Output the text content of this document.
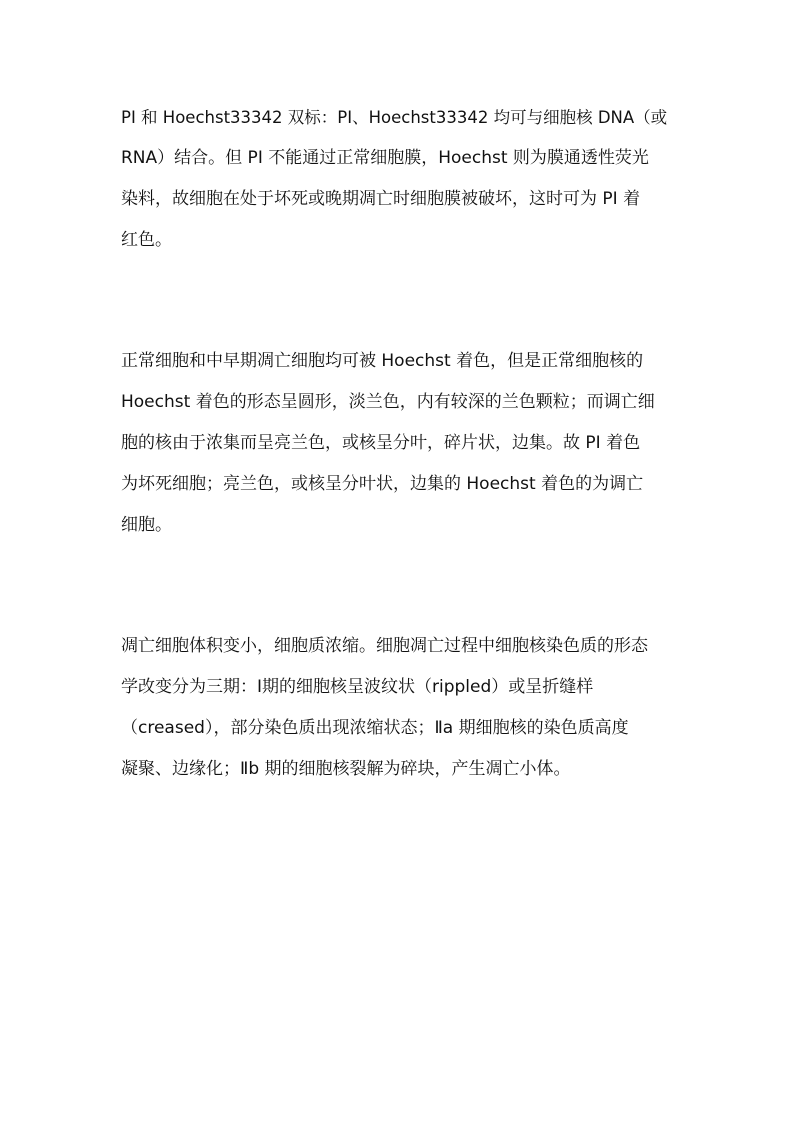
PI 和 Hoechst33342 双标：PI、Hoechst33342 均可与细胞核 DNA（或
RNA）结合。但 PI 不能通过正常细胞膜，Hoechst 则为膜通透性荧光
染料，故细胞在处于坏死或晚期凋亡时细胞膜被破坏，这时可为 PI 着
红色。
正常细胞和中早期凋亡细胞均可被 Hoechst 着色，但是正常细胞核的
Hoechst 着色的形态呈圆形，淡兰色，内有较深的兰色颗粒；而调亡细
胞的核由于浓集而呈亮兰色，或核呈分叶，碎片状，边集。故 PI 着色
为坏死细胞；亮兰色，或核呈分叶状，边集的 Hoechst 着色的为调亡
细胞。
凋亡细胞体积变小，细胞质浓缩。细胞凋亡过程中细胞核染色质的形态
学改变分为三期：Ⅰ期的细胞核呈波纹状（rippled）或呈折缝样
（creased），部分染色质出现浓缩状态；Ⅱa 期细胞核的染色质高度
凝聚、边缘化；Ⅱb 期的细胞核裂解为碎块，产生凋亡小体。
